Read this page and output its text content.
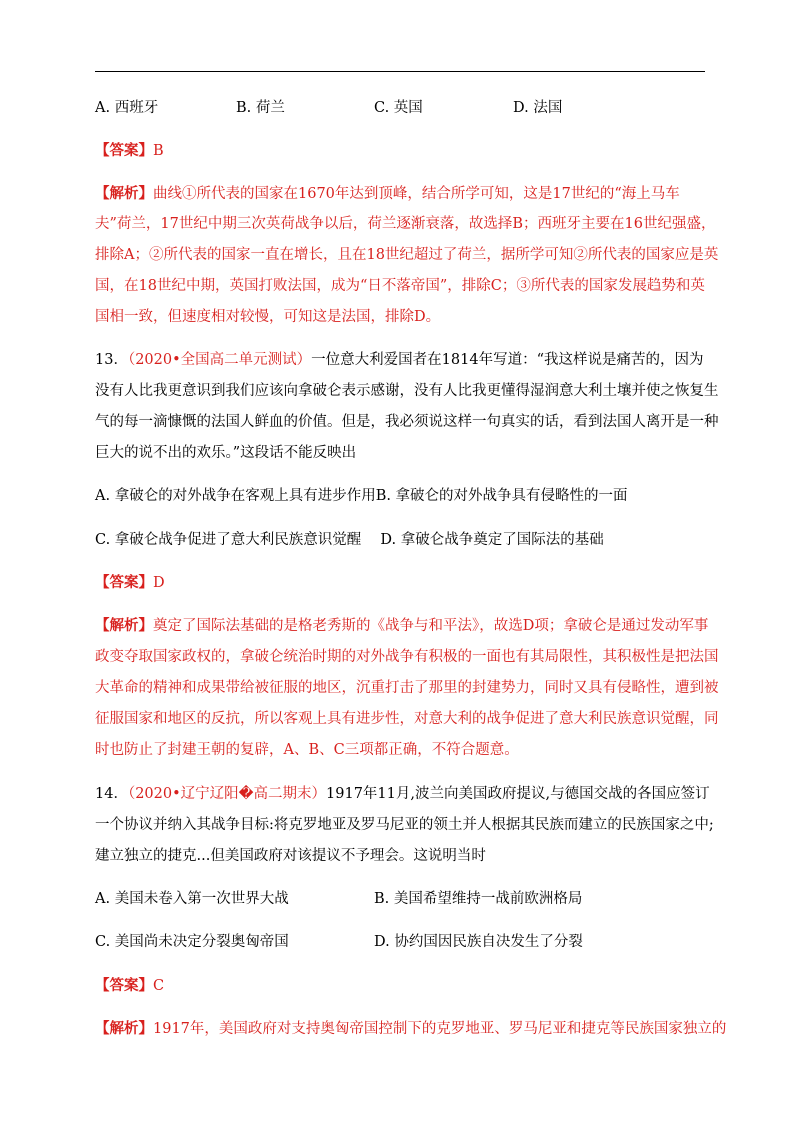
A. 西班牙	B. 荷兰	C. 英国	D. 法国
【答案】B
【解析】曲线①所代表的国家在1670年达到顶峰，结合所学可知，这是17世纪的“海上马车
夫”荷兰，17世纪中期三次英荷战争以后，荷兰逐渐衰落，故选择B；西班牙主要在16世纪强盛，
排除A；②所代表的国家一直在增长，且在18世纪超过了荷兰，据所学可知②所代表的国家应是英
国，在18世纪中期，英国打败法国，成为“日不落帝国”，排除C；③所代表的国家发展趋势和英
国相一致，但速度相对较慢，可知这是法国，排除D。
13．（2020•全国高二单元测试）一位意大利爱国者在1814年写道：“我这样说是痛苦的，因为
没有人比我更意识到我们应该向拿破仑表示感谢，没有人比我更懂得湿润意大利土壤并使之恢复生
气的每一滴慷慨的法国人鲜血的价值。但是，我必须说这样一句真实的话，看到法国人离开是一种
巨大的说不出的欢乐。”这段话不能反映出
A. 拿破仑的对外战争在客观上具有进步作用B. 拿破仑的对外战争具有侵略性的一面
C. 拿破仑战争促进了意大利民族意识觉醒　 D. 拿破仑战争奠定了国际法的基础
【答案】D
【解析】奠定了国际法基础的是格老秀斯的《战争与和平法》，故选D项；拿破仑是通过发动军事
政变夺取国家政权的，拿破仑统治时期的对外战争有积极的一面也有其局限性，其积极性是把法国
大革命的精神和成果带给被征服的地区，沉重打击了那里的封建势力，同时又具有侵略性，遭到被
征服国家和地区的反抗，所以客观上具有进步性，对意大利的战争促进了意大利民族意识觉醒，同
时也防止了封建王朝的复辟，A、B、C三项都正确，不符合题意。
14．（2020•辽宁辽阳�高二期末）1917年11月,波兰向美国政府提议,与德国交战的各国应签订
一个协议并纳入其战争目标:将克罗地亚及罗马尼亚的领土并人根据其民族而建立的民族国家之中;
建立独立的捷克...但美国政府对该提议不予理会。这说明当时
A. 美国未卷入第一次世界大战	B. 美国希望维持一战前欧洲格局
C. 美国尚未决定分裂奥匈帝国	D. 协约国因民族自决发生了分裂
【答案】C
【解析】1917年，美国政府对支持奥匈帝国控制下的克罗地亚、罗马尼亚和捷克等民族国家独立的
